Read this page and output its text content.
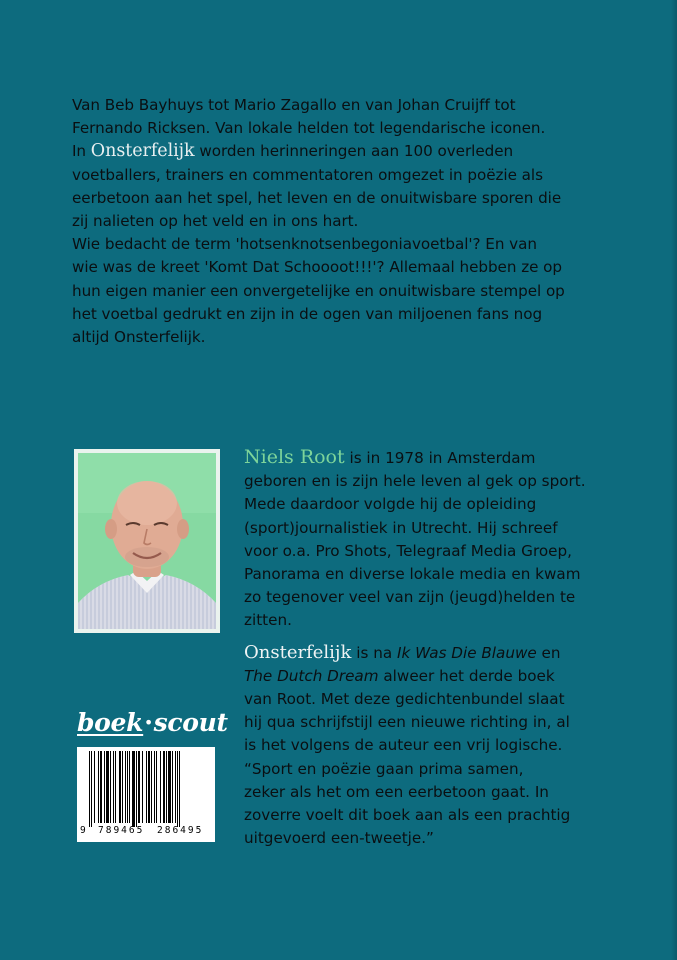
Van Beb Bayhuys tot Mario Zagallo en van Johan Cruijff tot

Fernando Ricksen. Van lokale helden tot legendarische iconen.

In Onsterfelijk worden herinneringen aan 100 overleden

voetballers, trainers en commentatoren omgezet in poëzie als

eerbetoon aan het spel, het leven en de onuitwisbare sporen die

zij nalieten op het veld en in ons hart.

Wie bedacht de term 'hotsenknotsenbegoniavoetbal'? En van

wie was de kreet 'Komt Dat Schoooot!!!'? Allemaal hebben ze op

hun eigen manier een onvergetelijke en onuitwisbare stempel op

het voetbal gedrukt en zijn in de ogen van miljoenen fans nog

altijd Onsterfelijk.

Niels Root is in 1978 in Amsterdam
geboren en is zijn hele leven al gek op sport.
Mede daardoor volgde hij de opleiding
(sport)journalistiek in Utrecht. Hij schreef
voor o.a. Pro Shots, Telegraaf Media Groep,
Panorama en diverse lokale media en kwam
zo tegenover veel van zijn (jeugd)helden te
zitten.

Onsterfelijk is na Ik Was Die Blauwe en
The Dutch Dream alweer het derde boek
van Root. Met deze gedichtenbundel slaat
hij qua schrijfstijl een nieuwe richting in, al
is het volgens de auteur een vrij logische.
“Sport en poëzie gaan prima samen,
zeker als het om een eerbetoon gaat. In
zoverre voelt dit boek aan als een prachtig
uitgevoerd een-tweetje.”

boek·scout
9 789465 286495
